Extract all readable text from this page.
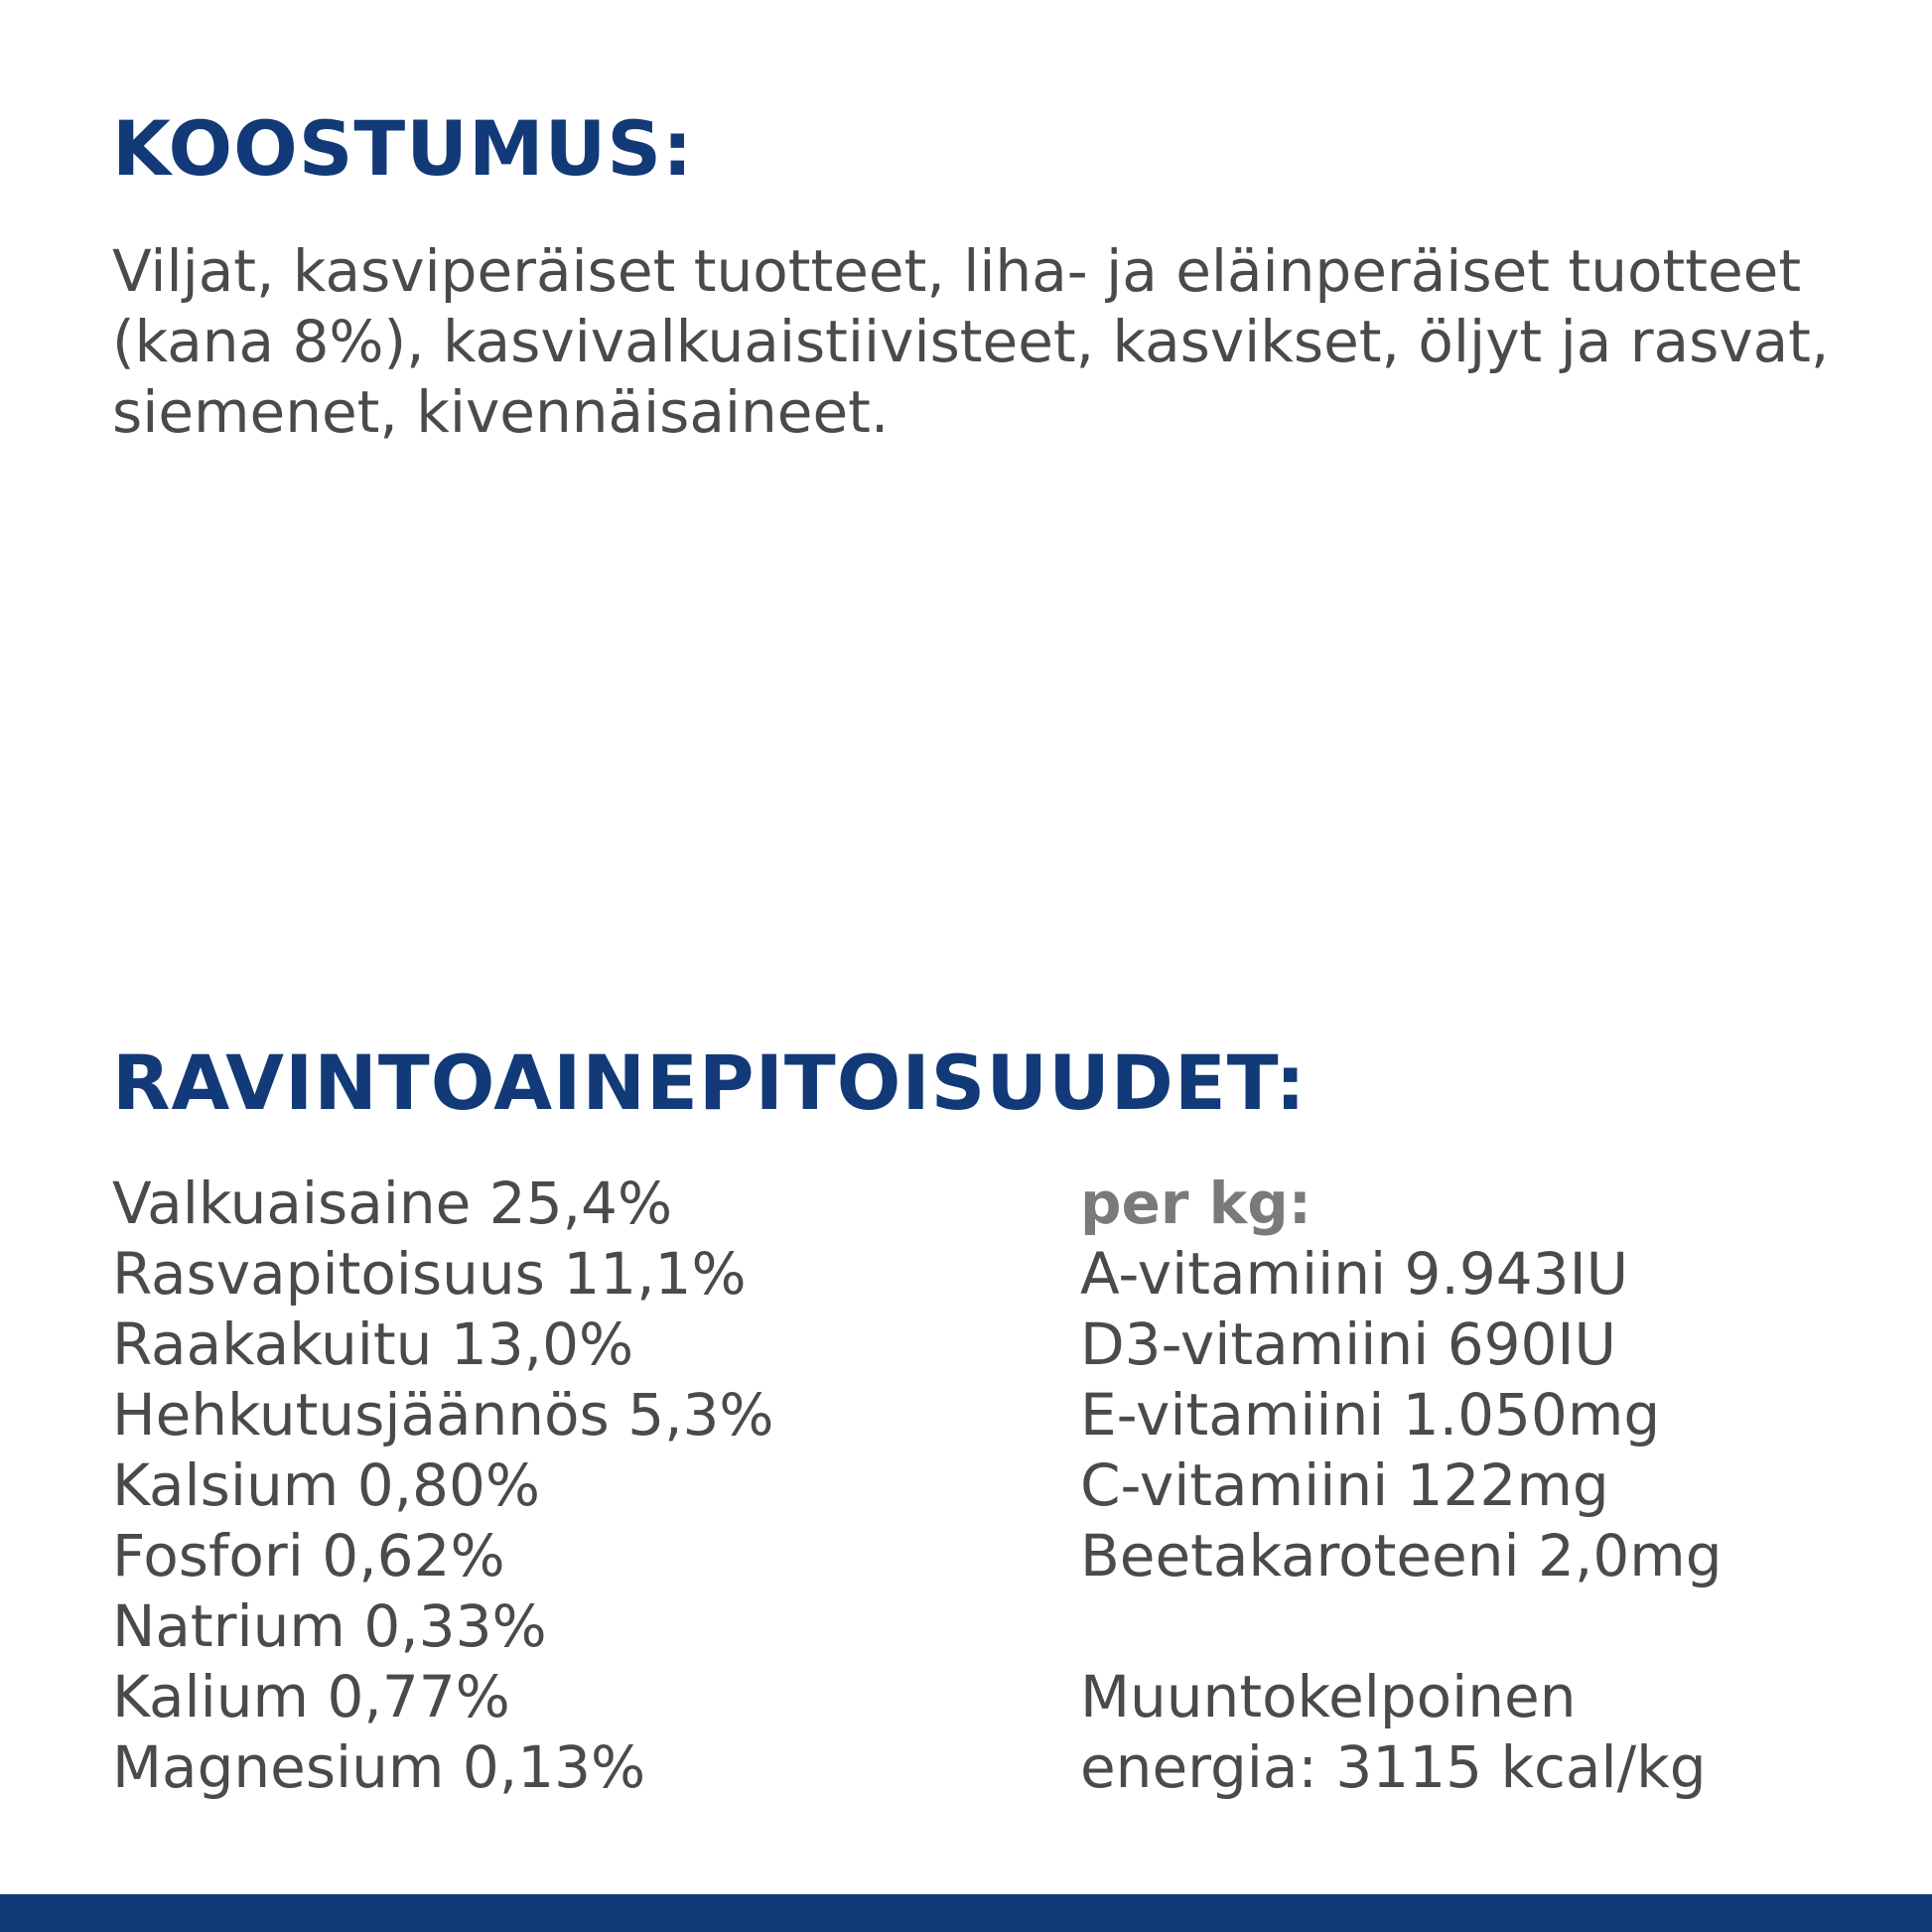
KOOSTUMUS:

Viljat, kasviperäiset tuotteet, liha- ja eläinperäiset tuotteet (kana 8%), kasvivalkuaistiivisteet, kasvikset, öljyt ja rasvat, siemenet, kivennäisaineet.

RAVINTOAINEPITOISUUDET:
Valkuaisaine 25,4%
Rasvapitoisuus 11,1%
Raakakuitu 13,0%
Hehkutusjäännös 5,3%
Kalsium 0,80%
Fosfori 0,62%
Natrium 0,33%
Kalium 0,77%
Magnesium 0,13%
per kg:
A-vitamiini 9.943IU
D3-vitamiini 690IU
E-vitamiini 1.050mg
C-vitamiini 122mg
Beetakaroteeni 2,0mg
Muuntokelpoinen
energia: 3115 kcal/kg
